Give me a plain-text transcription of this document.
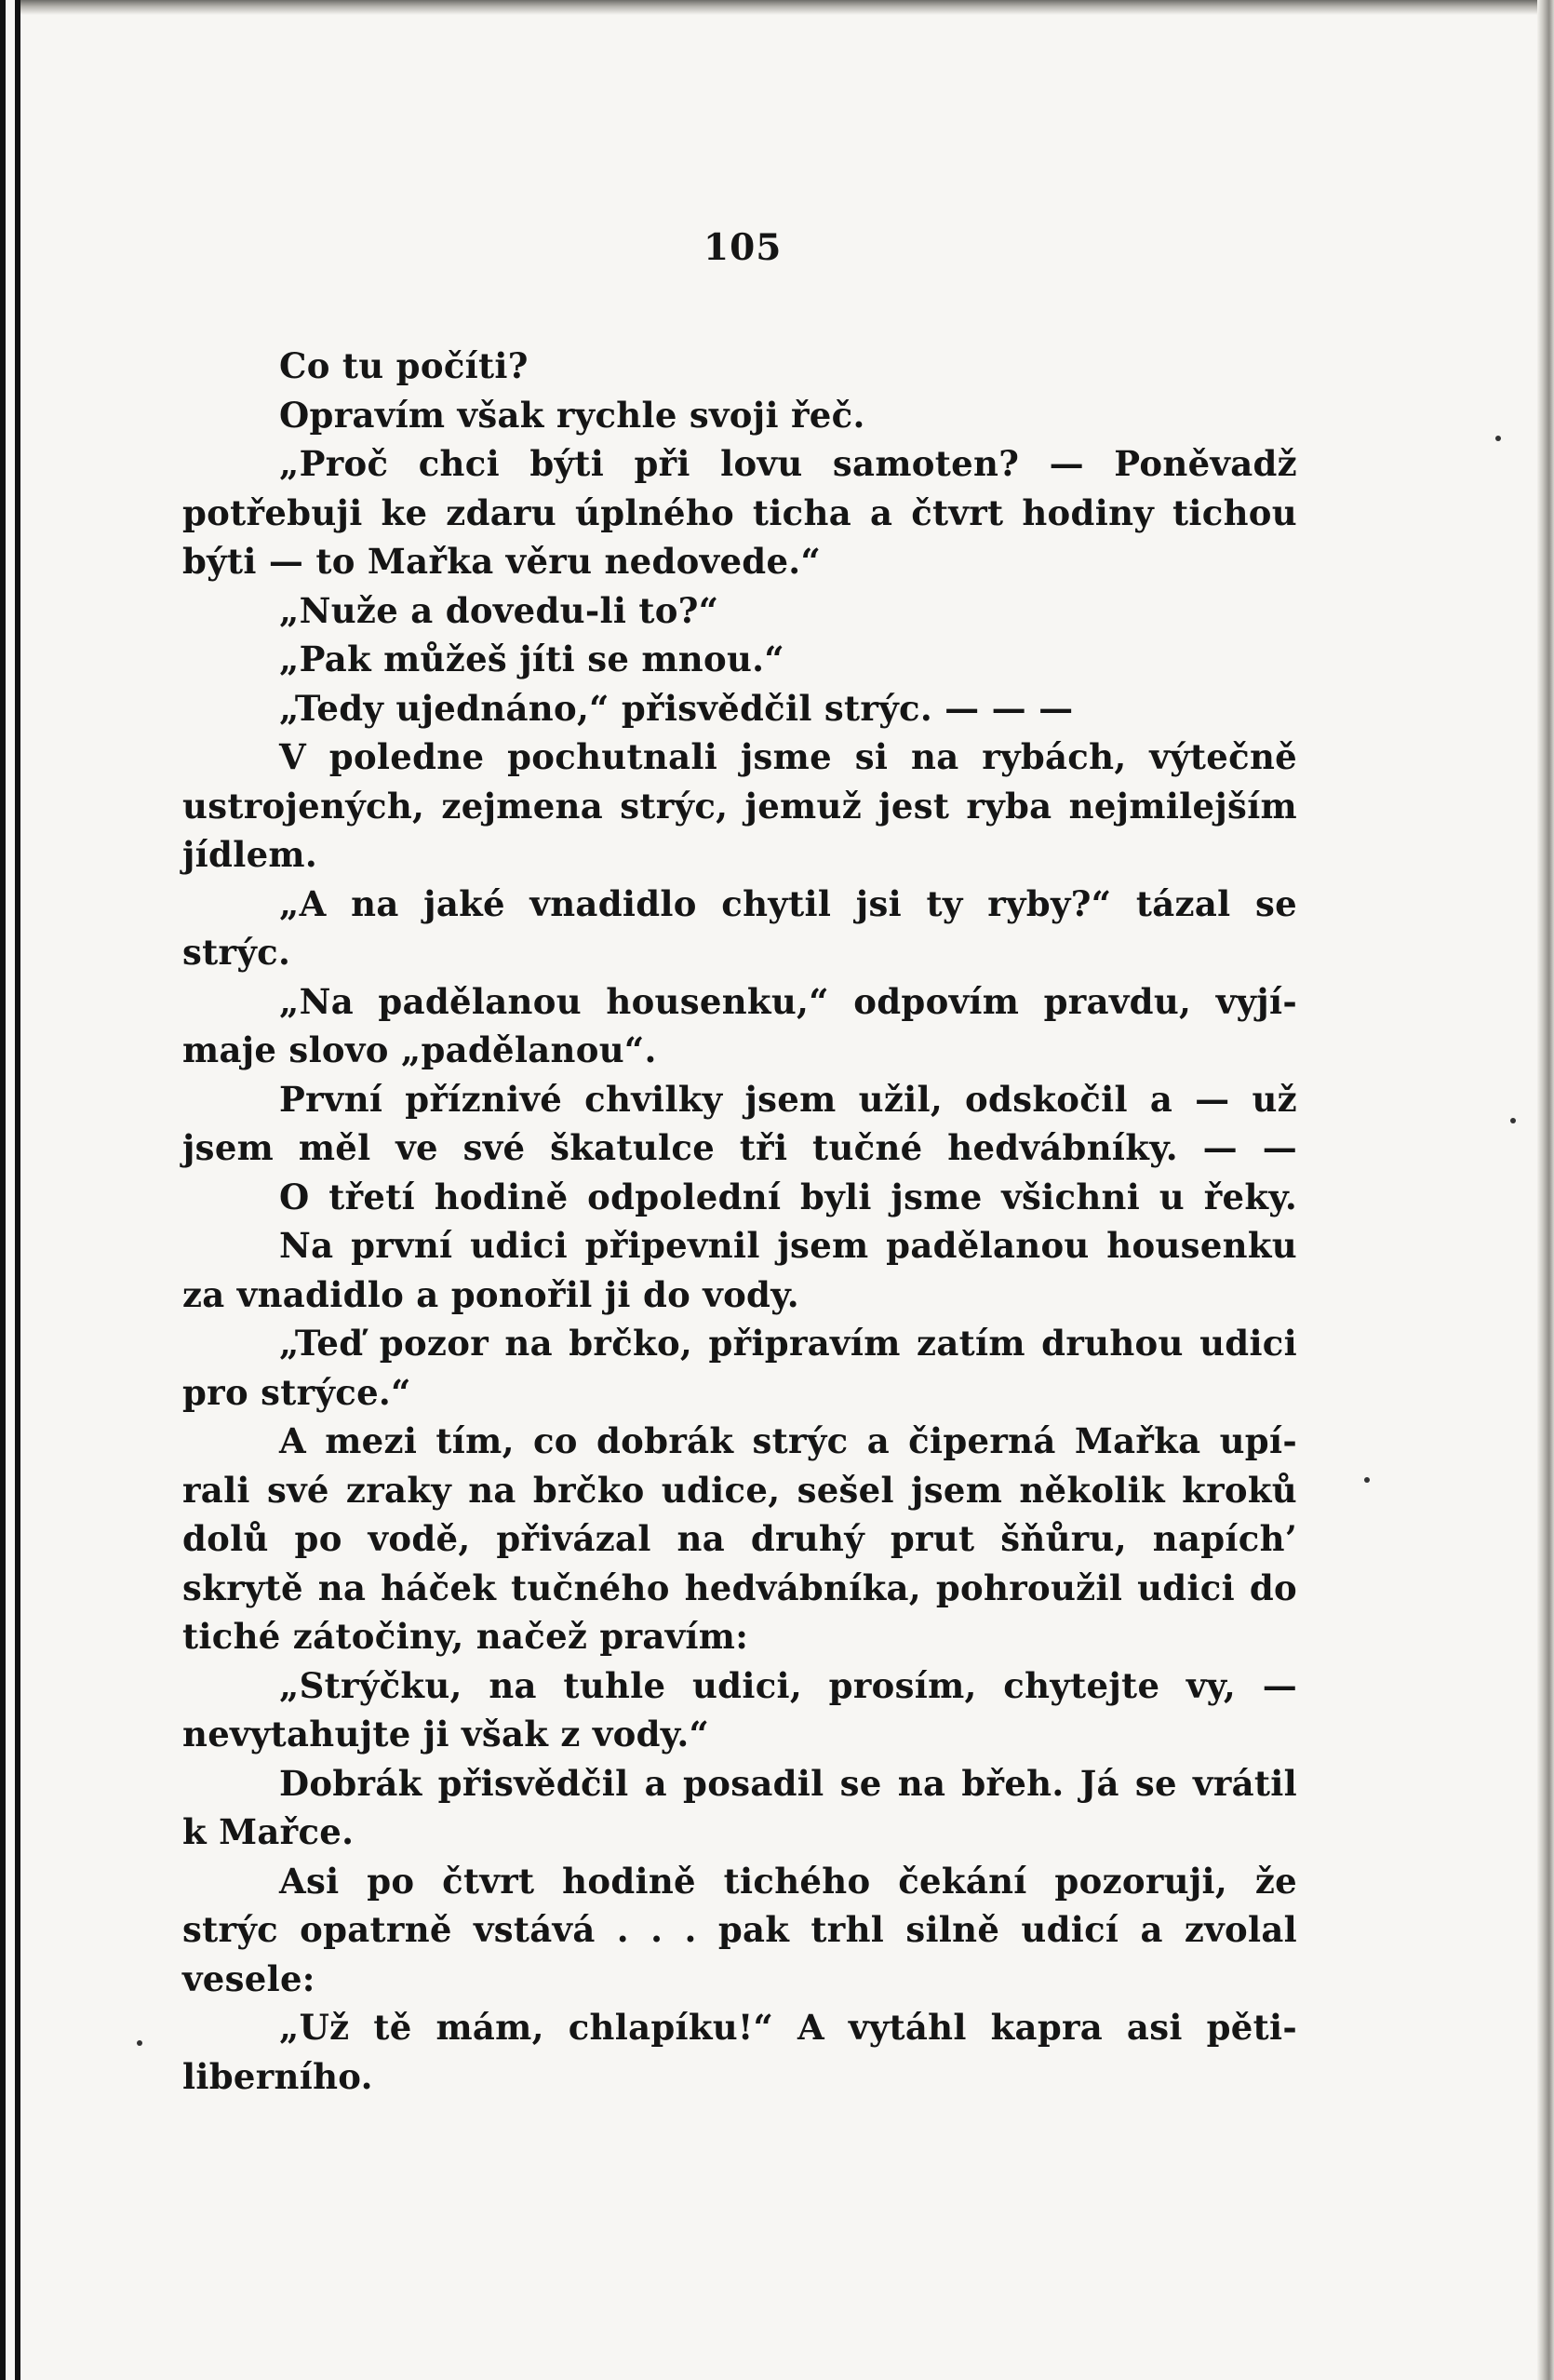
105
Co tu počíti?
Opravím však rychle svoji řeč.
„Proč chci býti při lovu samoten? — Poněvadž
potřebuji ke zdaru úplného ticha a čtvrt hodiny tichou
býti — to Mařka věru nedovede.“
„Nuže a dovedu-li to?“
„Pak můžeš jíti se mnou.“
„Tedy ujednáno,“ přisvědčil strýc. — — —
V poledne pochutnali jsme si na rybách, výtečně
ustrojených, zejmena strýc, jemuž jest ryba nejmilejším
jídlem.
„A na jaké vnadidlo chytil jsi ty ryby?“ tázal se
strýc.
„Na padělanou housenku,“ odpovím pravdu, vyjí-
maje slovo „padělanou“.
První příznivé chvilky jsem užil, odskočil a — už
jsem měl ve své škatulce tři tučné hedvábníky. — —
O třetí hodině odpolední byli jsme všichni u řeky.
Na první udici připevnil jsem padělanou housenku
za vnadidlo a ponořil ji do vody.
„Teď pozor na brčko, připravím zatím druhou udici
pro strýce.“
A mezi tím, co dobrák strýc a čiperná Mařka upí-
rali své zraky na brčko udice, sešel jsem několik kroků
dolů po vodě, přivázal na druhý prut šňůru, napích’
skrytě na háček tučného hedvábníka, pohroužil udici do
tiché zátočiny, načež pravím:
„Strýčku, na tuhle udici, prosím, chytejte vy, —
nevytahujte ji však z vody.“
Dobrák přisvědčil a posadil se na břeh. Já se vrátil
k Mařce.
Asi po čtvrt hodině tichého čekání pozoruji, že
strýc opatrně vstává . . . pak trhl silně udicí a zvolal
vesele:
„Už tě mám, chlapíku!“ A vytáhl kapra asi pěti-
liberního.
